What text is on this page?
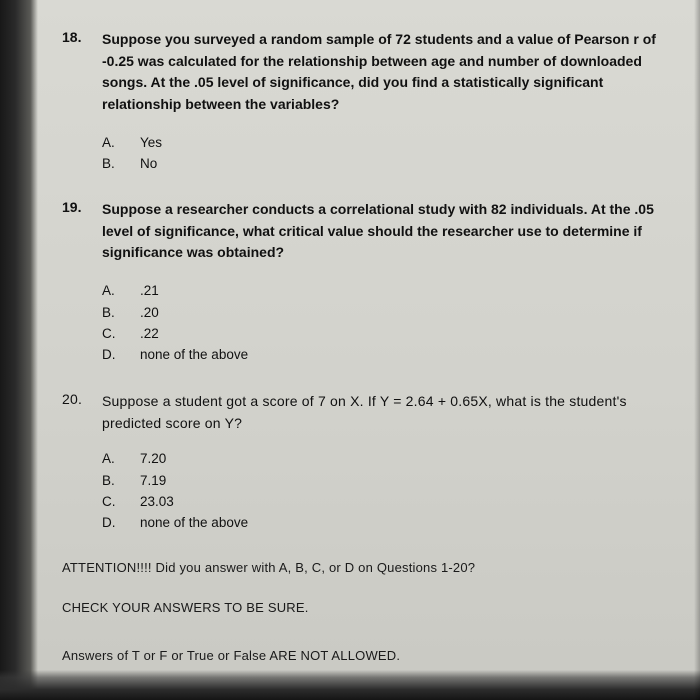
18. Suppose you surveyed a random sample of 72 students and a value of Pearson r of -0.25 was calculated for the relationship between age and number of downloaded songs. At the .05 level of significance, did you find a statistically significant relationship between the variables?
A.	Yes
B.	No
19. Suppose a researcher conducts a correlational study with 82 individuals. At the .05 level of significance, what critical value should the researcher use to determine if significance was obtained?
A.	.21
B.	.20
C.	.22
D.	none of the above
20. Suppose a student got a score of 7 on X. If Y = 2.64 + 0.65X, what is the student's predicted score on Y?
A.	7.20
B.	7.19
C.	23.03
D.	none of the above
ATTENTION!!!! Did you answer with A, B, C, or D on Questions 1-20?
CHECK YOUR ANSWERS TO BE SURE.
Answers of T or F or True or False ARE NOT ALLOWED.
